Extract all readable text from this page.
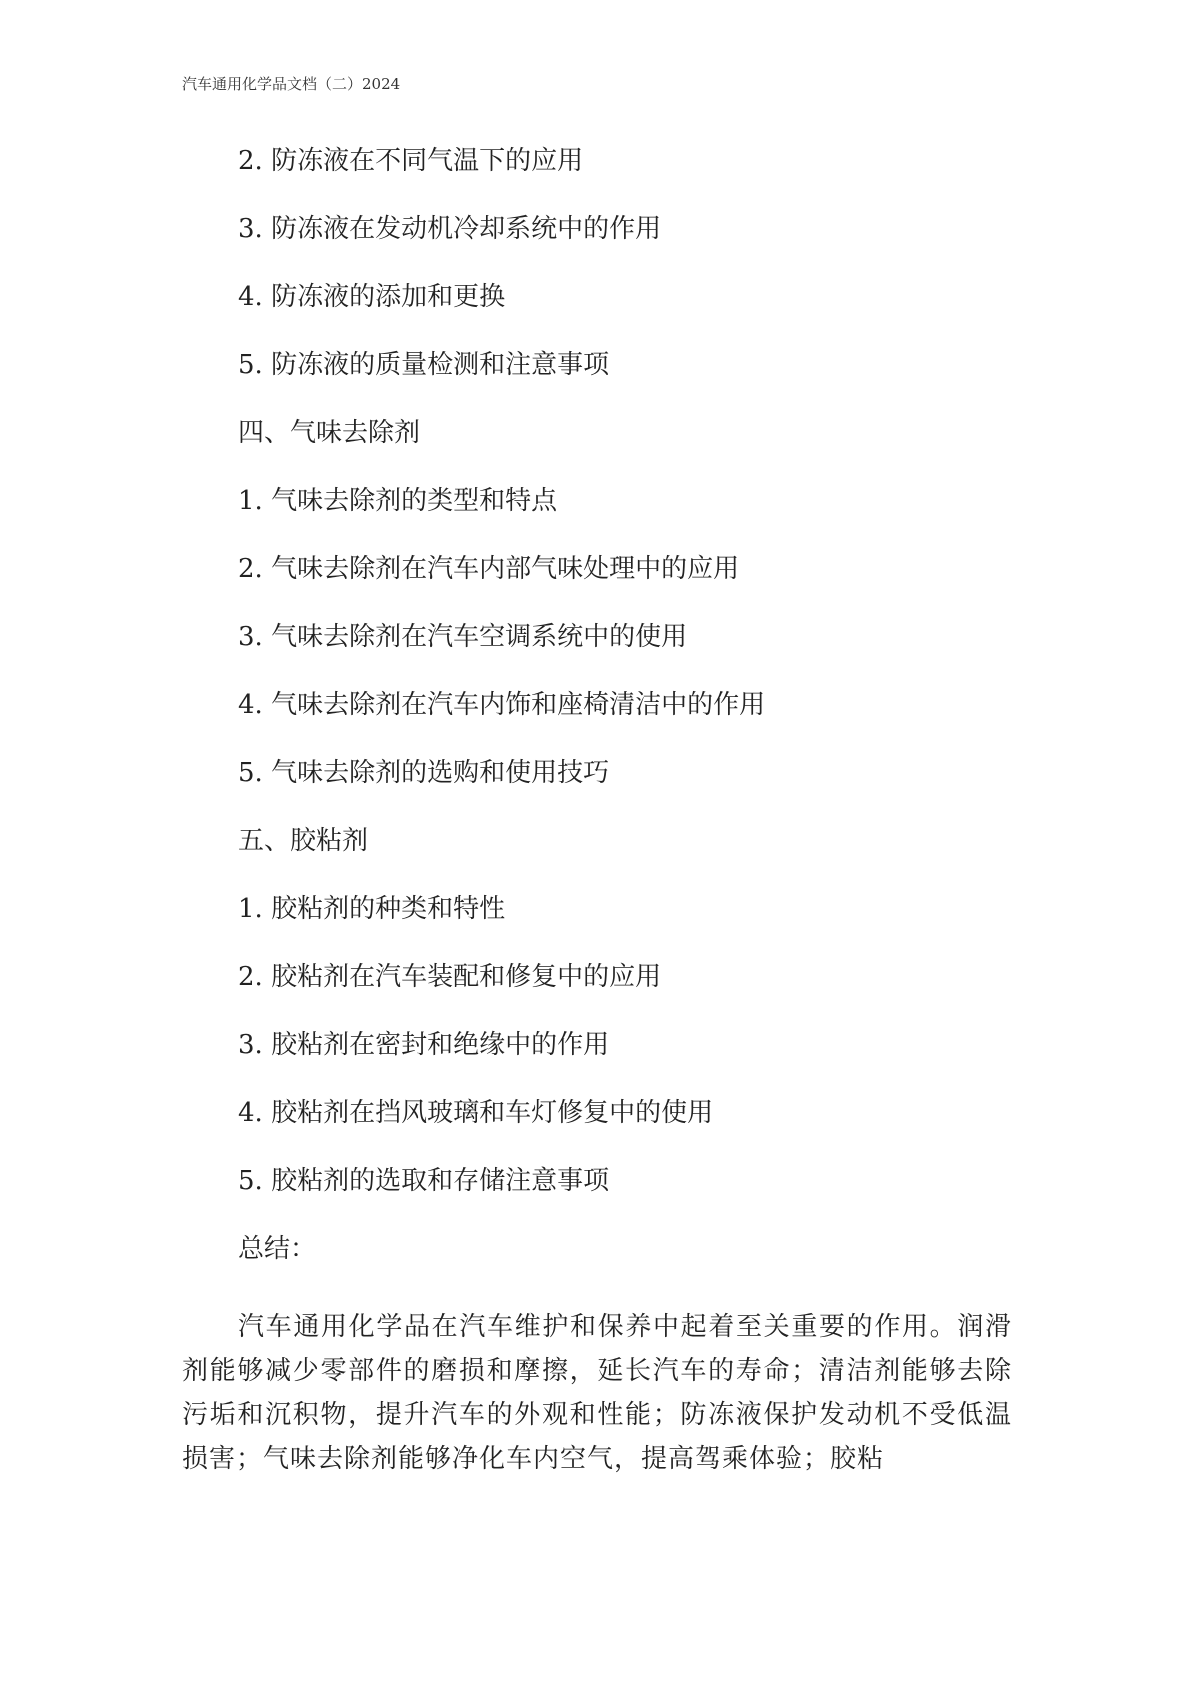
汽车通用化学品文档（二）2024
2. 防冻液在不同气温下的应用
3. 防冻液在发动机冷却系统中的作用
4. 防冻液的添加和更换
5. 防冻液的质量检测和注意事项
四、气味去除剂
1. 气味去除剂的类型和特点
2. 气味去除剂在汽车内部气味处理中的应用
3. 气味去除剂在汽车空调系统中的使用
4. 气味去除剂在汽车内饰和座椅清洁中的作用
5. 气味去除剂的选购和使用技巧
五、胶粘剂
1. 胶粘剂的种类和特性
2. 胶粘剂在汽车装配和修复中的应用
3. 胶粘剂在密封和绝缘中的作用
4. 胶粘剂在挡风玻璃和车灯修复中的使用
5. 胶粘剂的选取和存储注意事项
总结：
汽车通用化学品在汽车维护和保养中起着至关重要的作用。润滑剂能够减少零部件的磨损和摩擦，延长汽车的寿命；清洁剂能够去除污垢和沉积物，提升汽车的外观和性能；防冻液保护发动机不受低温损害；气味去除剂能够净化车内空气，提高驾乘体验；胶粘
